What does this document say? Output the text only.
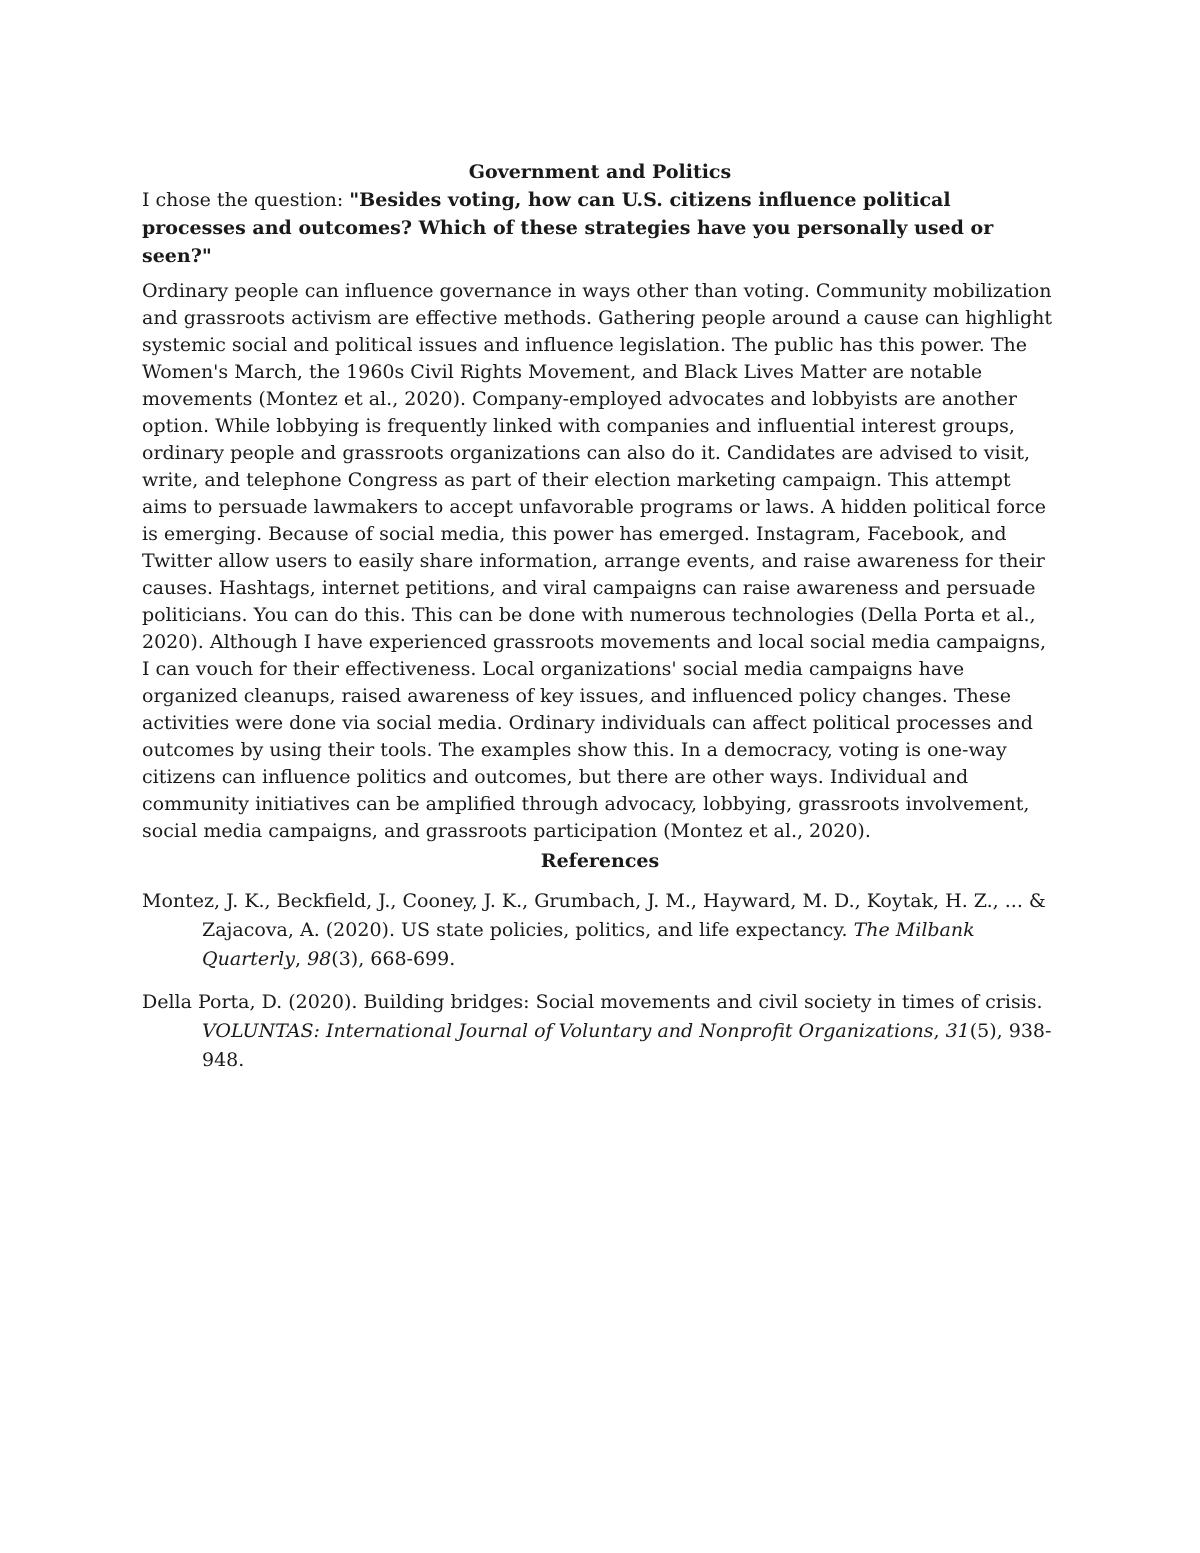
Government and Politics

I chose the question: "Besides voting, how can U.S. citizens influence political processes and outcomes? Which of these strategies have you personally used or seen?"

Ordinary people can influence governance in ways other than voting. Community mobilization and grassroots activism are effective methods. Gathering people around a cause can highlight systemic social and political issues and influence legislation. The public has this power. The Women's March, the 1960s Civil Rights Movement, and Black Lives Matter are notable movements (Montez et al., 2020). Company-employed advocates and lobbyists are another option. While lobbying is frequently linked with companies and influential interest groups, ordinary people and grassroots organizations can also do it. Candidates are advised to visit, write, and telephone Congress as part of their election marketing campaign. This attempt aims to persuade lawmakers to accept unfavorable programs or laws. A hidden political force is emerging. Because of social media, this power has emerged. Instagram, Facebook, and Twitter allow users to easily share information, arrange events, and raise awareness for their causes. Hashtags, internet petitions, and viral campaigns can raise awareness and persuade politicians. You can do this. This can be done with numerous technologies (Della Porta et al., 2020). Although I have experienced grassroots movements and local social media campaigns, I can vouch for their effectiveness. Local organizations' social media campaigns have organized cleanups, raised awareness of key issues, and influenced policy changes. These activities were done via social media. Ordinary individuals can affect political processes and outcomes by using their tools. The examples show this. In a democracy, voting is one-way citizens can influence politics and outcomes, but there are other ways. Individual and community initiatives can be amplified through advocacy, lobbying, grassroots involvement, social media campaigns, and grassroots participation (Montez et al., 2020).

References

Montez, J. K., Beckfield, J., Cooney, J. K., Grumbach, J. M., Hayward, M. D., Koytak, H. Z., ... & Zajacova, A. (2020). US state policies, politics, and life expectancy. The Milbank Quarterly, 98(3), 668-699.

Della Porta, D. (2020). Building bridges: Social movements and civil society in times of crisis. VOLUNTAS: International Journal of Voluntary and Nonprofit Organizations, 31(5), 938-948.
